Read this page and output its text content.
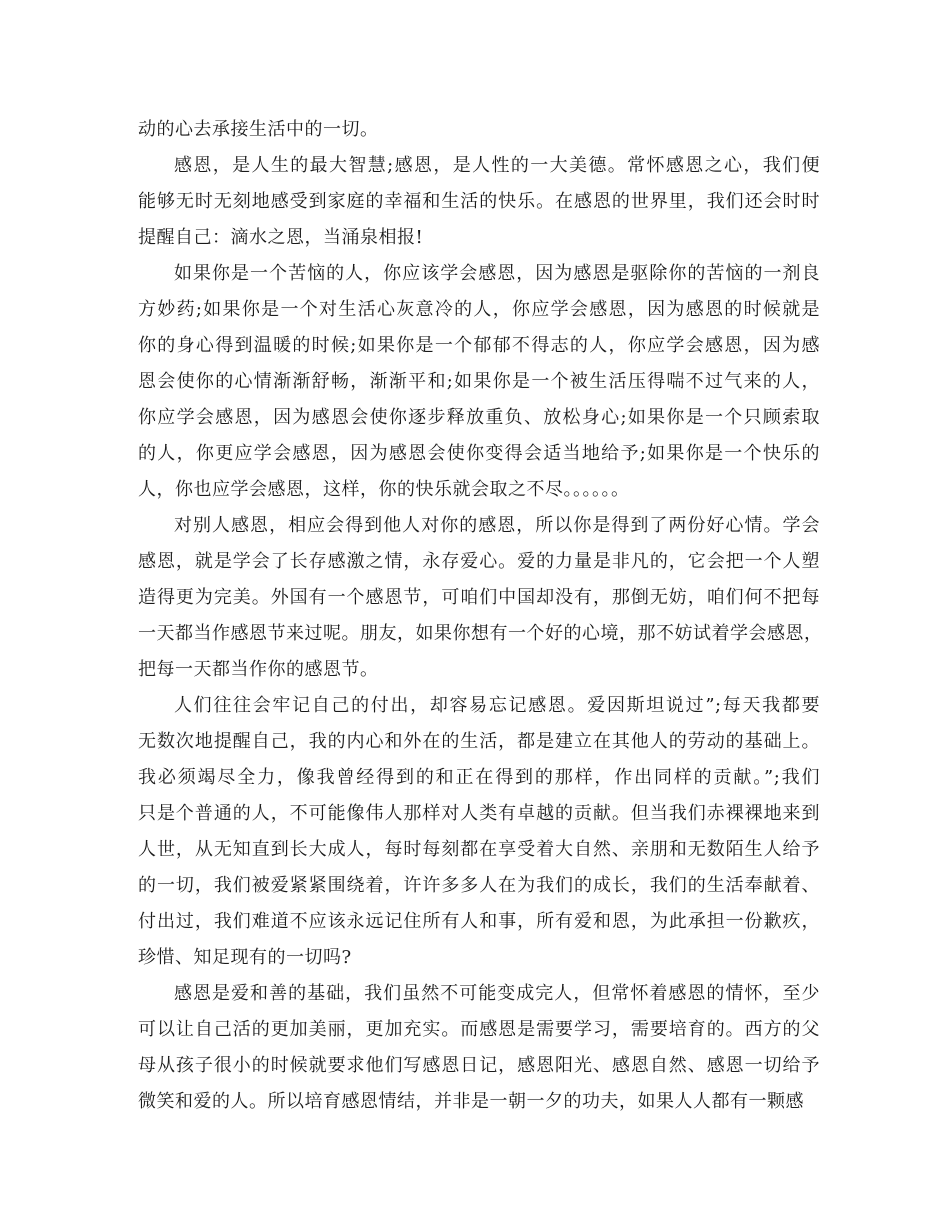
动的心去承接生活中的一切。
感恩，是人生的最大智慧;感恩，是人性的一大美德。常怀感恩之心，我们便
能够无时无刻地感受到家庭的幸福和生活的快乐。在感恩的世界里，我们还会时时
提醒自己：滴水之恩，当涌泉相报!
如果你是一个苦恼的人，你应该学会感恩，因为感恩是驱除你的苦恼的一剂良
方妙药;如果你是一个对生活心灰意冷的人，你应学会感恩，因为感恩的时候就是
你的身心得到温暖的时候;如果你是一个郁郁不得志的人，你应学会感恩，因为感
恩会使你的心情渐渐舒畅，渐渐平和;如果你是一个被生活压得喘不过气来的人，
你应学会感恩，因为感恩会使你逐步释放重负、放松身心;如果你是一个只顾索取
的人，你更应学会感恩，因为感恩会使你变得会适当地给予;如果你是一个快乐的
人，你也应学会感恩，这样，你的快乐就会取之不尽。。。。。。
对别人感恩，相应会得到他人对你的感恩，所以你是得到了两份好心情。学会
感恩，就是学会了长存感激之情，永存爱心。爱的力量是非凡的，它会把一个人塑
造得更为完美。外国有一个感恩节，可咱们中国却没有，那倒无妨，咱们何不把每
一天都当作感恩节来过呢。朋友，如果你想有一个好的心境，那不妨试着学会感恩，
把每一天都当作你的感恩节。
人们往往会牢记自己的付出，却容易忘记感恩。爱因斯坦说过”;每天我都要
无数次地提醒自己，我的内心和外在的生活，都是建立在其他人的劳动的基础上。
我必须竭尽全力，像我曾经得到的和正在得到的那样，作出同样的贡献。”;我们
只是个普通的人，不可能像伟人那样对人类有卓越的贡献。但当我们赤裸裸地来到
人世，从无知直到长大成人，每时每刻都在享受着大自然、亲朋和无数陌生人给予
的一切，我们被爱紧紧围绕着，许许多多人在为我们的成长，我们的生活奉献着、
付出过，我们难道不应该永远记住所有人和事，所有爱和恩，为此承担一份歉疚，
珍惜、知足现有的一切吗?
感恩是爱和善的基础，我们虽然不可能变成完人，但常怀着感恩的情怀，至少
可以让自己活的更加美丽，更加充实。而感恩是需要学习，需要培育的。西方的父
母从孩子很小的时候就要求他们写感恩日记，感恩阳光、感恩自然、感恩一切给予
微笑和爱的人。所以培育感恩情结，并非是一朝一夕的功夫，如果人人都有一颗感
